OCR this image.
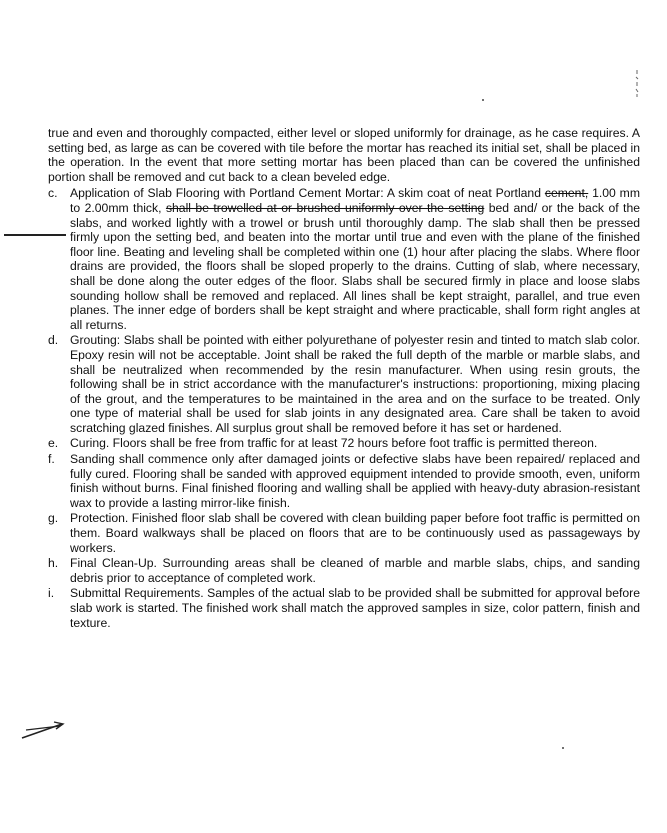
true and even and thoroughly compacted, either level or sloped uniformly for drainage, as he case requires. A setting bed, as large as can be covered with tile before the mortar has reached its initial set, shall be placed in the operation. In the event that more setting mortar has been placed than can be covered the unfinished portion shall be removed and cut back to a clean beveled edge.

c.	Application of Slab Flooring with Portland Cement Mortar: A skim coat of neat Portland cement, 1.00 mm to 2.00mm thick, shall be trowelled at or brushed uniformly over the setting bed and/ or the back of the slabs, and worked lightly with a trowel or brush until thoroughly damp. The slab shall then be pressed firmly upon the setting bed, and beaten into the mortar until true and even with the plane of the finished floor line. Beating and leveling shall be completed within one (1) hour after placing the slabs. Where floor drains are provided, the floors shall be sloped properly to the drains. Cutting of slab, where necessary, shall be done along the outer edges of the floor. Slabs shall be secured firmly in place and loose slabs sounding hollow shall be removed and replaced. All lines shall be kept straight, parallel, and true even planes. The inner edge of borders shall be kept straight and where practicable, shall form right angles at all returns.
d. Grouting: Slabs shall be pointed with either polyurethane of polyester resin and tinted to match slab color. Epoxy resin will not be acceptable. Joint shall be raked the full depth of the marble or marble slabs, and shall be neutralized when recommended by the resin manufacturer. When using resin grouts, the following shall be in strict accordance with the manufacturer's instructions: proportioning, mixing placing of the grout, and the temperatures to be maintained in the area and on the surface to be treated. Only one type of material shall be used for slab joints in any designated area. Care shall be taken to avoid scratching glazed finishes. All surplus grout shall be removed before it has set or hardened.
e. Curing. Floors shall be free from traffic for at least 72 hours before foot traffic is permitted thereon.
f.	Sanding shall commence only after damaged joints or defective slabs have been repaired/ replaced and fully cured. Flooring shall be sanded with approved equipment intended to provide smooth, even, uniform finish without burns. Final finished flooring and walling shall be applied with heavy-duty abrasion-resistant wax to provide a lasting mirror-like finish.
g. Protection. Finished floor slab shall be covered with clean building paper before foot traffic is permitted on them. Board walkways shall be placed on floors that are to be continuously used as passageways by workers.
h. Final Clean-Up. Surrounding areas shall be cleaned of marble and marble slabs, chips, and sanding debris prior to acceptance of completed work.
i.	Submittal Requirements. Samples of the actual slab to be provided shall be submitted for approval before slab work is started. The finished work shall match the approved samples in size, color pattern, finish and texture.
